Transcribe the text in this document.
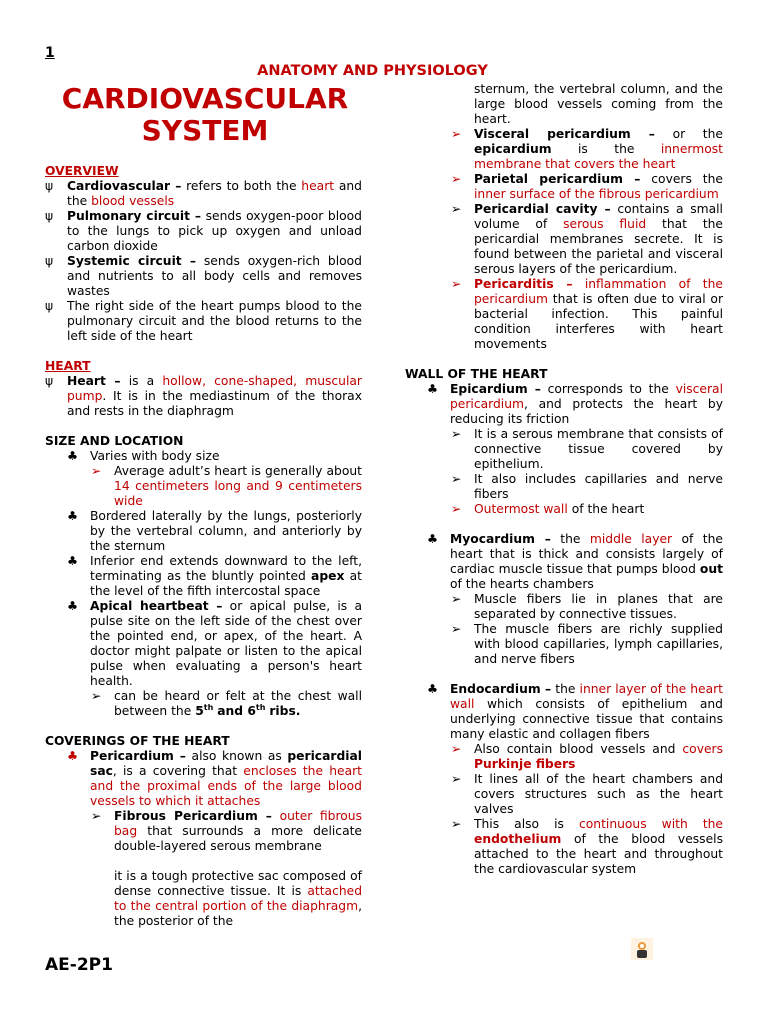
1
ANATOMY AND PHYSIOLOGY
CARDIOVASCULAR
SYSTEM

OVERVIEW

ψ	Cardiovascular – refers to both the heart and the blood vessels

ψ	Pulmonary circuit – sends oxygen-poor blood to the lungs to pick up oxygen and unload carbon dioxide

ψ	Systemic circuit – sends oxygen-rich blood and nutrients to all body cells and removes wastes

ψ	The right side of the heart pumps blood to the pulmonary circuit and the blood returns to the left side of the heart

HEART

ψ	Heart – is a hollow, cone-shaped, muscular pump. It is in the mediastinum of the thorax and rests in the diaphragm

SIZE AND LOCATION

♣ Varies with body size

➢ Average adult’s heart is generally about 14 centimeters long and 9 centimeters wide

♣ Bordered laterally by the lungs, posteriorly by the vertebral column, and anteriorly by the sternum

♣ Inferior end extends downward to the left, terminating as the bluntly pointed apex at the level of the fifth intercostal space

♣ Apical heartbeat – or apical pulse, is a pulse site on the left side of the chest over the pointed end, or apex, of the heart. A doctor might palpate or listen to the apical pulse when evaluating a person's heart health.

➢ can be heard or felt at the chest wall between the 5th and 6th ribs.

COVERINGS OF THE HEART

♣ Pericardium – also known as pericardial sac, is a covering that encloses the heart and the proximal ends of the large blood vessels to which it attaches

➢ Fibrous Pericardium – outer fibrous bag that surrounds a more delicate double-layered serous membrane

it is a tough protective sac composed of dense connective tissue. It is attached to the central portion of the diaphragm, the posterior of the

sternum, the vertebral column, and the large blood vessels coming from the heart.

➢ Visceral pericardium – or the epicardium is the innermost membrane that covers the heart

➢ Parietal pericardium – covers the inner surface of the fibrous pericardium

➢ Pericardial cavity – contains a small volume of serous fluid that the pericardial membranes secrete. It is found between the parietal and visceral serous layers of the pericardium.

➢ Pericarditis – inflammation of the pericardium that is often due to viral or bacterial infection. This painful condition interferes with heart movements

WALL OF THE HEART

♣ Epicardium – corresponds to the visceral pericardium, and protects the heart by reducing its friction

➢ It is a serous membrane that consists of connective tissue covered by epithelium.

➢ It also includes capillaries and nerve fibers

➢ Outermost wall of the heart

♣ Myocardium – the middle layer of the heart that is thick and consists largely of cardiac muscle tissue that pumps blood out of the hearts chambers

➢ Muscle fibers lie in planes that are separated by connective tissues.

➢ The muscle fibers are richly supplied with blood capillaries, lymph capillaries, and nerve fibers

♣ Endocardium – the inner layer of the heart wall which consists of epithelium and underlying connective tissue that contains many elastic and collagen fibers

➢ Also contain blood vessels and covers Purkinje fibers

➢ It lines all of the heart chambers and covers structures such as the heart valves

➢ This also is continuous with the endothelium of the blood vessels attached to the heart and throughout the cardiovascular system

AE-2P1
